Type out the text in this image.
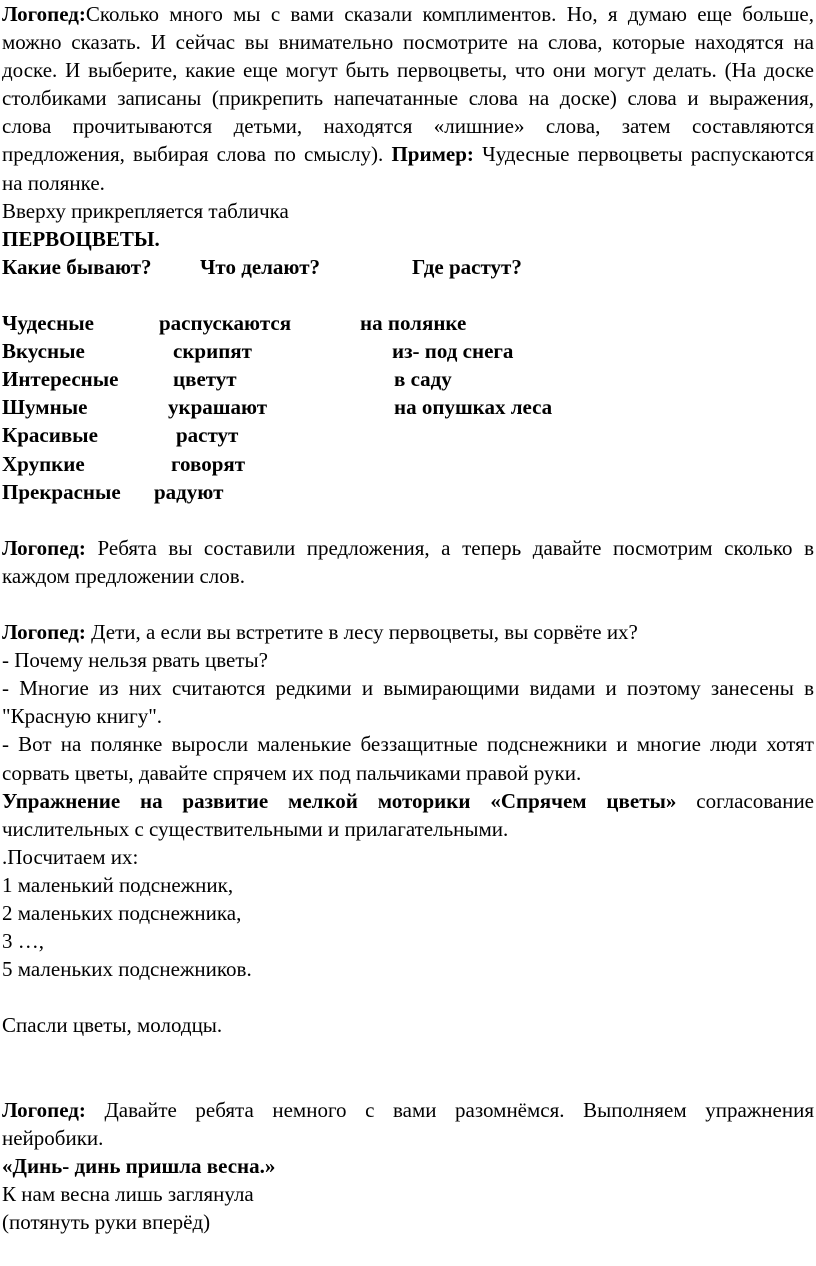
Логопед:Сколько много мы с вами сказали комплиментов. Но, я думаю еще больше, можно сказать. И сейчас вы внимательно посмотрите на слова, которые находятся на доске. И выберите, какие еще могут быть первоцветы, что они могут делать. (На доске столбиками записаны (прикрепить напечатанные слова на доске) слова и выражения, слова прочитываются детьми, находятся «лишние» слова, затем составляются предложения, выбирая слова по смыслу). Пример: Чудесные первоцветы распускаются на полянке.
Вверху прикрепляется табличка
ПЕРВОЦВЕТЫ.
Какие бывают? Что делают?	Где растут?
Чудесные	распускаются	на полянке
Вкусные	скрипят	из- под снега
Интересные	цветут	в саду
Шумные	украшают	на опушках леса
Красивые	растут
Хрупкие	говорят
Прекрасные радуют
Логопед: Ребята вы составили предложения, а теперь давайте посмотрим сколько в каждом предложении слов.
Логопед: Дети, а если вы встретите в лесу первоцветы, вы сорвёте их?
- Почему нельзя рвать цветы?
- Многие из них считаются редкими и вымирающими видами и поэтому занесены в "Красную книгу".
- Вот на полянке выросли маленькие беззащитные подснежники и многие люди хотят сорвать цветы, давайте спрячем их под пальчиками правой руки.
Упражнение на развитие мелкой моторики «Спрячем цветы» согласование числительных с существительными и прилагательными.
.Посчитаем их:
1 маленький подснежник,
2 маленьких подснежника,
3 …,
5 маленьких подснежников.
Спасли цветы, молодцы.
Логопед: Давайте ребята немного с вами разомнёмся. Выполняем упражнения нейробики.
«Динь- динь пришла весна.»
К нам весна лишь заглянула
(потянуть руки вперёд)
